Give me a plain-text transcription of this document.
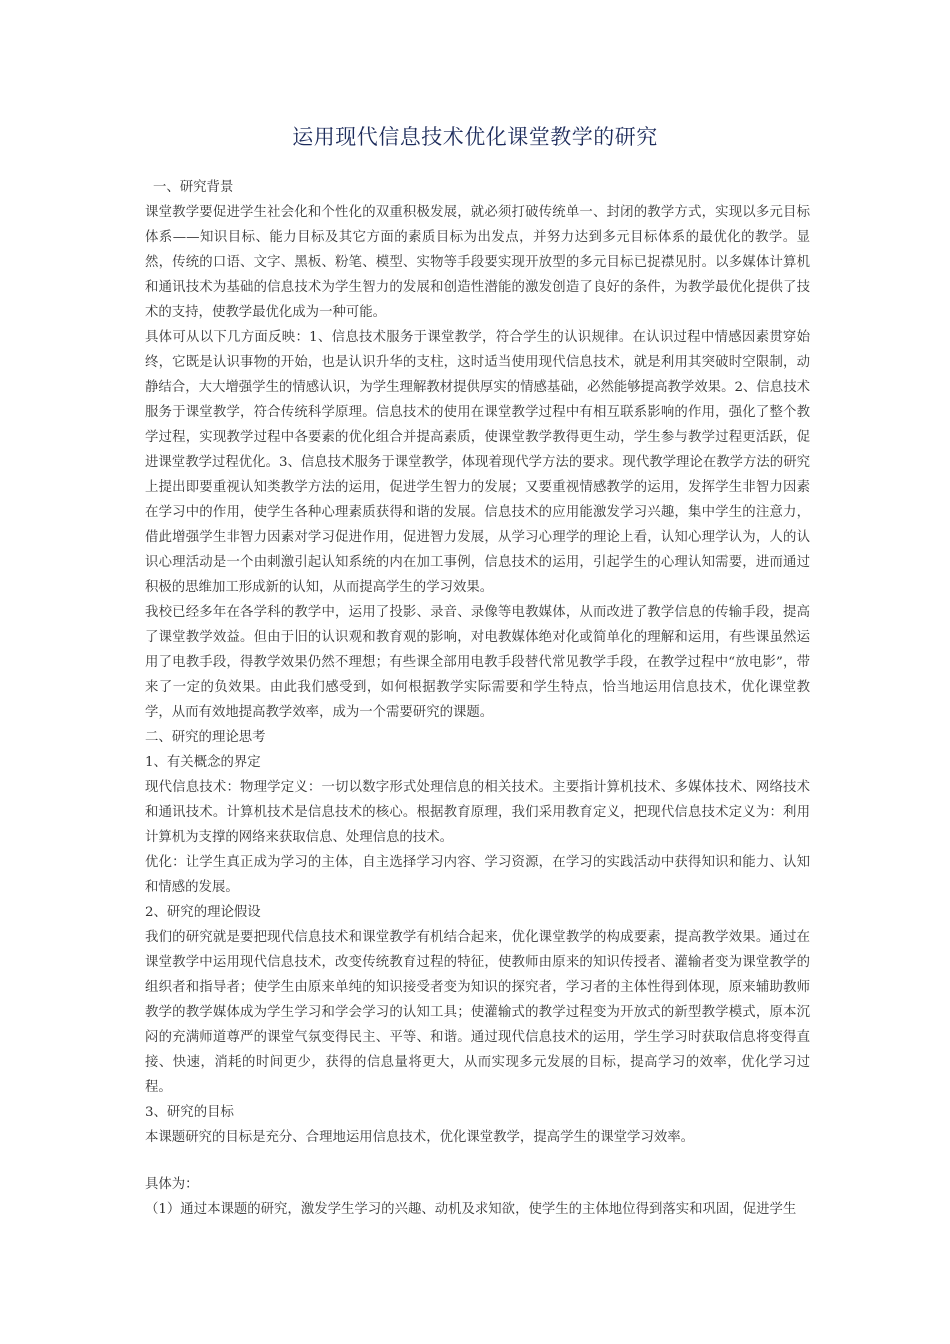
运用现代信息技术优化课堂教学的研究

一、研究背景

课堂教学要促进学生社会化和个性化的双重积极发展，就必须打破传统单一、封闭的教学方式，实现以多元目标体系——知识目标、能力目标及其它方面的素质目标为出发点，并努力达到多元目标体系的最优化的教学。显然，传统的口语、文字、黑板、粉笔、模型、实物等手段要实现开放型的多元目标已捉襟见肘。以多媒体计算机和通讯技术为基础的信息技术为学生智力的发展和创造性潜能的激发创造了良好的条件，为教学最优化提供了技术的支持，使教学最优化成为一种可能。

具体可从以下几方面反映：1、信息技术服务于课堂教学，符合学生的认识规律。在认识过程中情感因素贯穿始终，它既是认识事物的开始，也是认识升华的支柱，这时适当使用现代信息技术，就是利用其突破时空限制，动静结合，大大增强学生的情感认识，为学生理解教材提供厚实的情感基础，必然能够提高教学效果。2、信息技术服务于课堂教学，符合传统科学原理。信息技术的使用在课堂教学过程中有相互联系影响的作用，强化了整个教学过程，实现教学过程中各要素的优化组合并提高素质，使课堂教学教得更生动，学生参与教学过程更活跃，促进课堂教学过程优化。3、信息技术服务于课堂教学，体现着现代学方法的要求。现代教学理论在教学方法的研究上提出即要重视认知类教学方法的运用，促进学生智力的发展；又要重视情感教学的运用，发挥学生非智力因素在学习中的作用，使学生各种心理素质获得和谐的发展。信息技术的应用能激发学习兴趣，集中学生的注意力，借此增强学生非智力因素对学习促进作用，促进智力发展，从学习心理学的理论上看，认知心理学认为，人的认识心理活动是一个由刺激引起认知系统的内在加工事例，信息技术的运用，引起学生的心理认知需要，进而通过积极的思维加工形成新的认知，从而提高学生的学习效果。

我校已经多年在各学科的教学中，运用了投影、录音、录像等电教媒体，从而改进了教学信息的传输手段，提高了课堂教学效益。但由于旧的认识观和教育观的影响，对电教媒体绝对化或简单化的理解和运用，有些课虽然运用了电教手段，得教学效果仍然不理想；有些课全部用电教手段替代常见教学手段，在教学过程中“放电影”，带来了一定的负效果。由此我们感受到，如何根据教学实际需要和学生特点，恰当地运用信息技术，优化课堂教学，从而有效地提高教学效率，成为一个需要研究的课题。

二、研究的理论思考

1、有关概念的界定

现代信息技术：物理学定义：一切以数字形式处理信息的相关技术。主要指计算机技术、多媒体技术、网络技术和通讯技术。计算机技术是信息技术的核心。根据教育原理，我们采用教育定义，把现代信息技术定义为：利用计算机为支撑的网络来获取信息、处理信息的技术。

优化：让学生真正成为学习的主体，自主选择学习内容、学习资源，在学习的实践活动中获得知识和能力、认知和情感的发展。

2、研究的理论假设

我们的研究就是要把现代信息技术和课堂教学有机结合起来，优化课堂教学的构成要素，提高教学效果。通过在课堂教学中运用现代信息技术，改变传统教育过程的特征，使教师由原来的知识传授者、灌输者变为课堂教学的组织者和指导者；使学生由原来单纯的知识接受者变为知识的探究者，学习者的主体性得到体现，原来辅助教师教学的教学媒体成为学生学习和学会学习的认知工具；使灌输式的教学过程变为开放式的新型教学模式，原本沉闷的充满师道尊严的课堂气氛变得民主、平等、和谐。通过现代信息技术的运用，学生学习时获取信息将变得直接、快速，消耗的时间更少，获得的信息量将更大，从而实现多元发展的目标，提高学习的效率，优化学习过程。

3、研究的目标

本课题研究的目标是充分、合理地运用信息技术，优化课堂教学，提高学生的课堂学习效率。

具体为：

（1）通过本课题的研究，激发学生学习的兴趣、动机及求知欲，使学生的主体地位得到落实和巩固，促进学生
